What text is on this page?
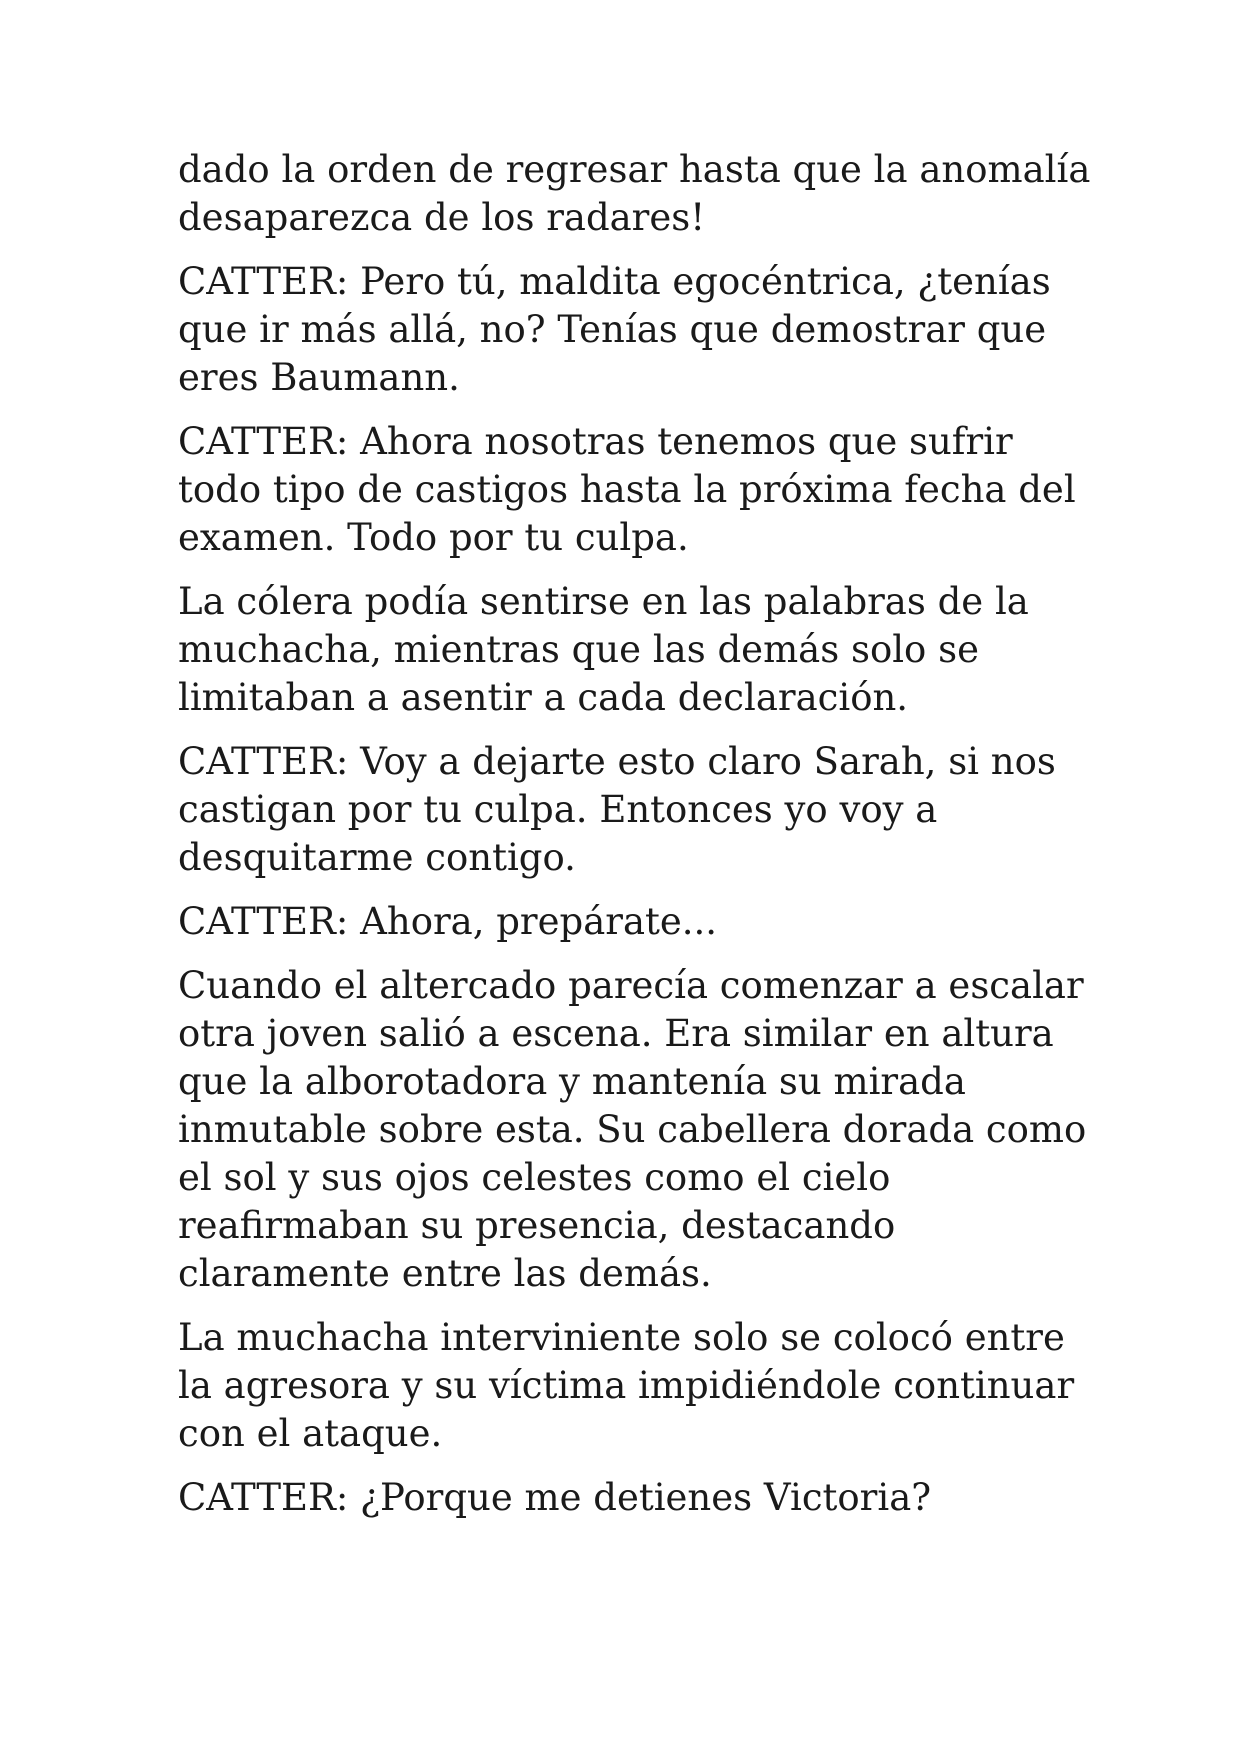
dado la orden de regresar hasta que la anomalía
desaparezca de los radares!

CATTER: Pero tú, maldita egocéntrica, ¿tenías
que ir más allá, no? Tenías que demostrar que
eres Baumann.

CATTER: Ahora nosotras tenemos que sufrir
todo tipo de castigos hasta la próxima fecha del
examen. Todo por tu culpa.

La cólera podía sentirse en las palabras de la
muchacha, mientras que las demás solo se
limitaban a asentir a cada declaración.

CATTER: Voy a dejarte esto claro Sarah, si nos
castigan por tu culpa. Entonces yo voy a
desquitarme contigo.

CATTER: Ahora, prepárate...

Cuando el altercado parecía comenzar a escalar
otra joven salió a escena. Era similar en altura
que la alborotadora y mantenía su mirada
inmutable sobre esta. Su cabellera dorada como
el sol y sus ojos celestes como el cielo
reafirmaban su presencia, destacando
claramente entre las demás.

La muchacha interviniente solo se colocó entre
la agresora y su víctima impidiéndole continuar
con el ataque.

CATTER: ¿Porque me detienes Victoria?
